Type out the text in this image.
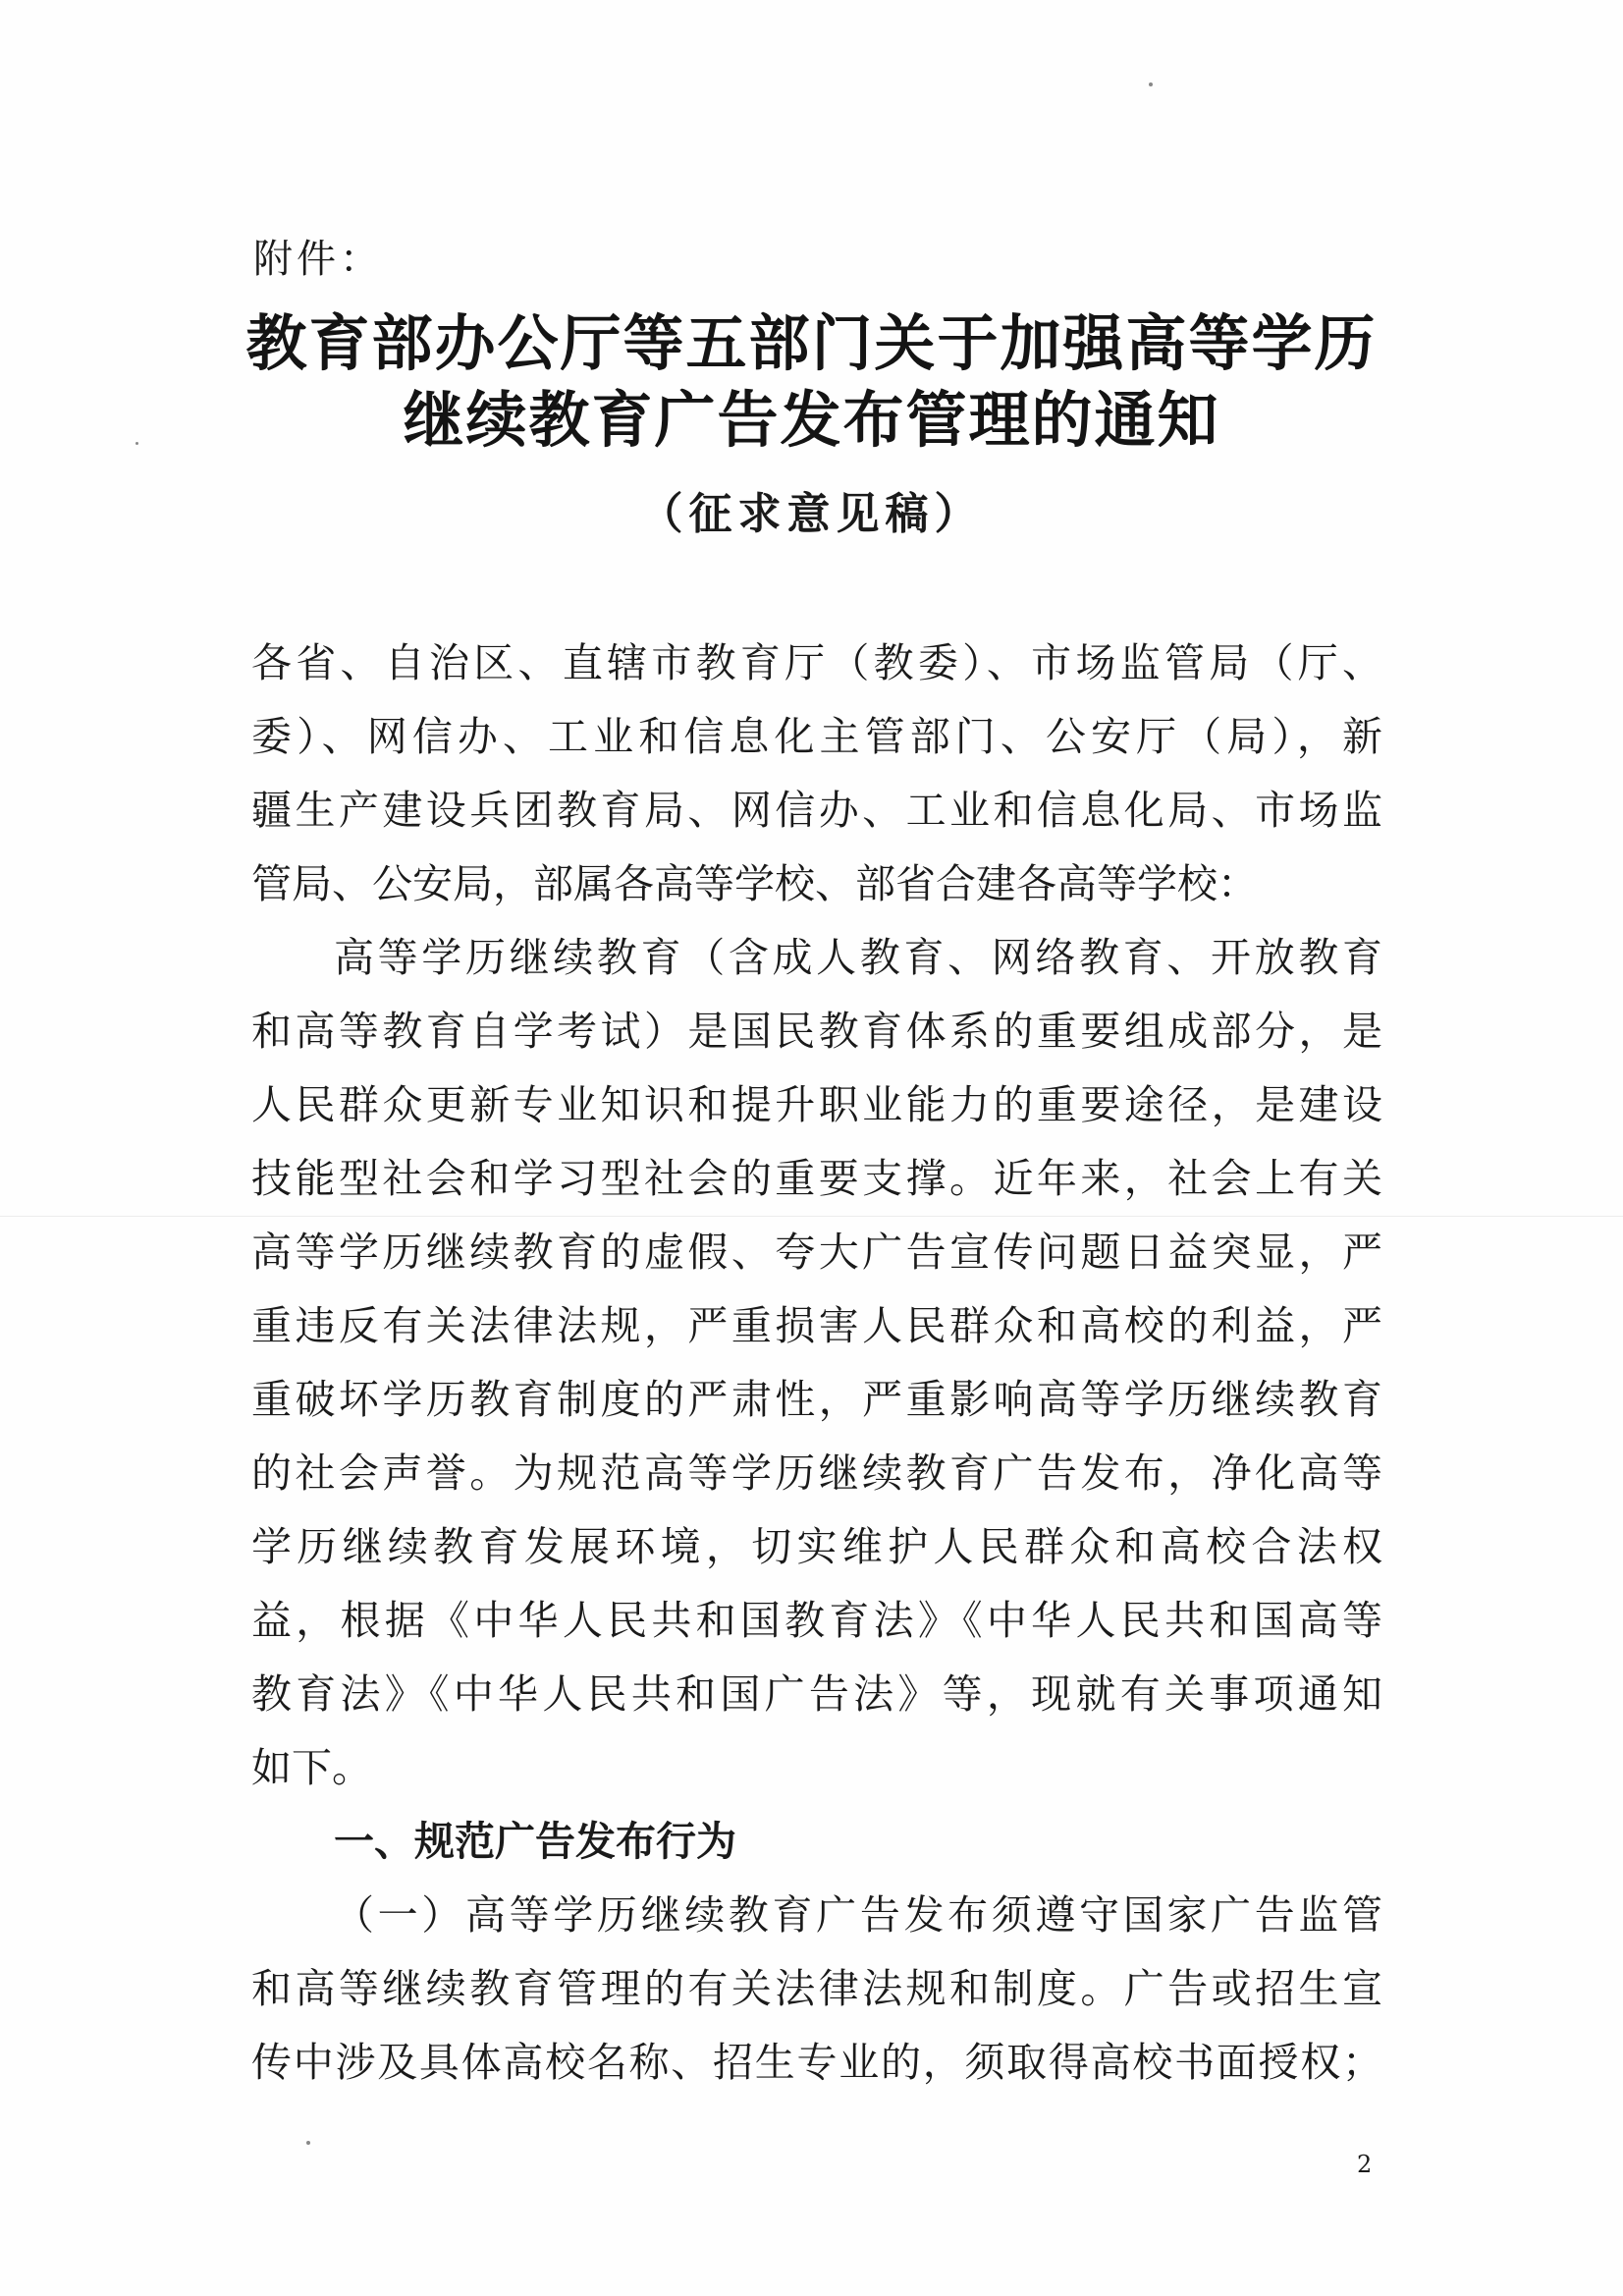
附件：

教育部办公厅等五部门关于加强高等学历
继续教育广告发布管理的通知

（征求意见稿）

各省、自治区、直辖市教育厅（教委）、市场监管局（厅、

委）、网信办、工业和信息化主管部门、公安厅（局），新

疆生产建设兵团教育局、网信办、工业和信息化局、市场监

管局、公安局，部属各高等学校、部省合建各高等学校：

高等学历继续教育（含成人教育、网络教育、开放教育

和高等教育自学考试）是国民教育体系的重要组成部分，是

人民群众更新专业知识和提升职业能力的重要途径，是建设

技能型社会和学习型社会的重要支撑。近年来，社会上有关

高等学历继续教育的虚假、夸大广告宣传问题日益突显，严

重违反有关法律法规，严重损害人民群众和高校的利益，严

重破坏学历教育制度的严肃性，严重影响高等学历继续教育

的社会声誉。为规范高等学历继续教育广告发布，净化高等

学历继续教育发展环境，切实维护人民群众和高校合法权

益，根据《中华人民共和国教育法》《中华人民共和国高等

教育法》《中华人民共和国广告法》等，现就有关事项通知

如下。

一、规范广告发布行为

（一）高等学历继续教育广告发布须遵守国家广告监管

和高等继续教育管理的有关法律法规和制度。广告或招生宣

传中涉及具体高校名称、招生专业的，须取得高校书面授权；

2
